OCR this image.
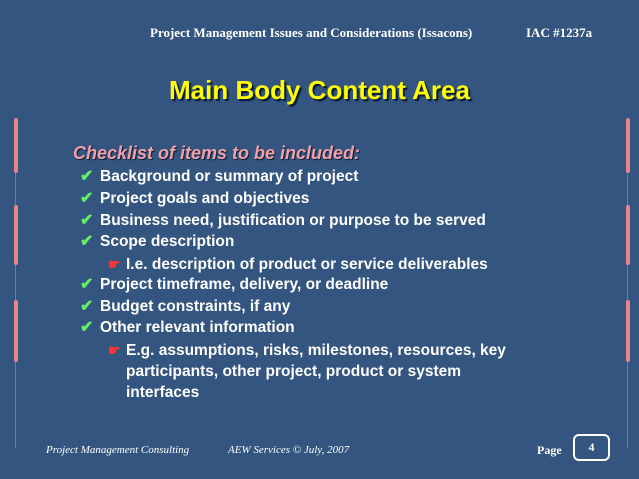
Project Management Issues and Considerations (Issacons)	IAC #1237a
Main Body Content Area
Checklist of items to be included:
✔ Background or summary of project
✔ Project goals and objectives
✔ Business need, justification or purpose to be served
✔ Scope description
☛ I.e. description of product or service deliverables
✔ Project timeframe, delivery, or deadline
✔ Budget constraints, if any
✔ Other relevant information
☛ E.g. assumptions, risks, milestones, resources, key
participants, other project, product or system
interfaces
Project Management Consulting	AEW Services © July, 2007	Page	4
